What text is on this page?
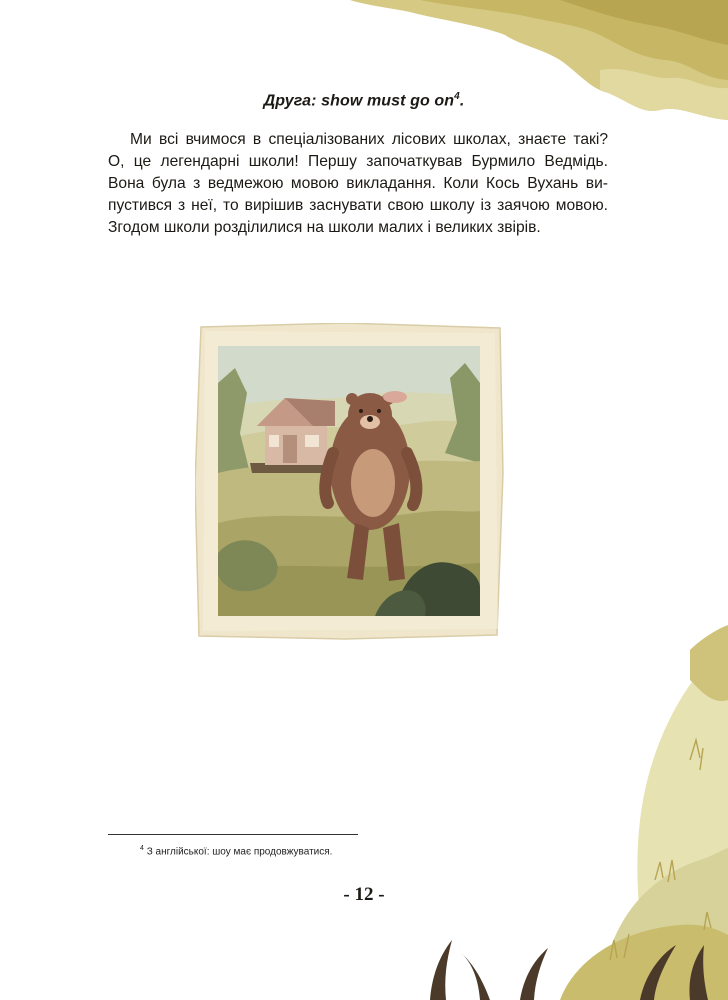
Друга: show must go $on^4$.
Ми всі вчимося в спеціалізованих лісових школах, знаєте такі?
О, це легендарні школи! Першу започаткував Бурмило Ведмідь.
Вона була з ведмежою мовою викладання. Коли Кось Вухань ви-
пустився з неї, то вирішив заснувати свою школу із заячою мовою.
Згодом школи розділилися на школи малих і великих звірів.
$^4$ З англійської: шоу має продовжуватися.
- 12 -
